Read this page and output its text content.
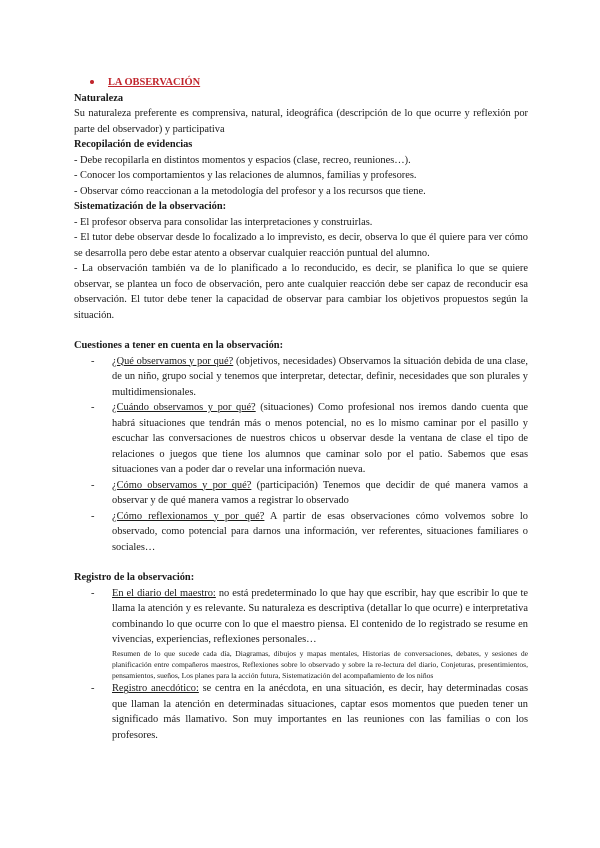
LA OBSERVACIÓN
Naturaleza

Su naturaleza preferente es comprensiva, natural, ideográfica (descripción de lo que ocurre y reflexión por parte del observador) y participativa

Recopilación de evidencias

- Debe recopilarla en distintos momentos y espacios (clase, recreo, reuniones…).

- Conocer los comportamientos y las relaciones de alumnos, familias y profesores.

- Observar cómo reaccionan a la metodología del profesor y a los recursos que tiene.

Sistematización de la observación:

- El profesor observa para consolidar las interpretaciones y construirlas.

- El tutor debe observar desde lo focalizado a lo imprevisto, es decir, observa lo que él quiere para ver cómo se desarrolla pero debe estar atento a observar cualquier reacción puntual del alumno.

- La observación también va de lo planificado a lo reconducido, es decir, se planifica lo que se quiere observar, se plantea un foco de observación, pero ante cualquier reacción debe ser capaz de reconducir esa observación. El tutor debe tener la capacidad de observar para cambiar los objetivos propuestos según la situación.

Cuestiones a tener en cuenta en la observación:
- ¿Qué observamos y por qué? (objetivos, necesidades) Observamos la situación debida de una clase, de un niño, grupo social y tenemos que interpretar, detectar, definir, necesidades que son plurales y multidimensionales.
- ¿Cuándo observamos y por qué? (situaciones) Como profesional nos iremos dando cuenta que habrá situaciones que tendrán más o menos potencial, no es lo mismo caminar por el pasillo y escuchar las conversaciones de nuestros chicos u observar desde la ventana de clase el tipo de relaciones o juegos que tiene los alumnos que caminar solo por el patio. Sabemos que esas situaciones van a poder dar o revelar una información nueva.
- ¿Cómo observamos y por qué? (participación) Tenemos que decidir de qué manera vamos a observar y de qué manera vamos a registrar lo observado
- ¿Cómo reflexionamos y por qué? A partir de esas observaciones cómo volvemos sobre lo observado, como potencial para darnos una información, ver referentes, situaciones familiares o sociales…
Registro de la observación:
- En el diario del maestro: no está predeterminado lo que hay que escribir, hay que escribir lo que te llama la atención y es relevante. Su naturaleza es descriptiva (detallar lo que ocurre) e interpretativa combinando lo que ocurre con lo que el maestro piensa. El contenido de lo registrado se resume en vivencias, experiencias, reflexiones personales…
Resumen de lo que sucede cada día, Diagramas, dibujos y mapas mentales, Historias de conversaciones, debates, y sesiones de planificación entre compañeros maestros, Reflexiones sobre lo observado y sobre la re-lectura del diario, Conjeturas, presentimientos, pensamientos, sueños, Los planes para la acción futura, Sistematización del acompañamiento de los niños
- Registro anecdótico: se centra en la anécdota, en una situación, es decir, hay determinadas cosas que llaman la atención en determinadas situaciones, captar esos momentos que pueden tener un significado más llamativo. Son muy importantes en las reuniones con las familias o con los profesores.
